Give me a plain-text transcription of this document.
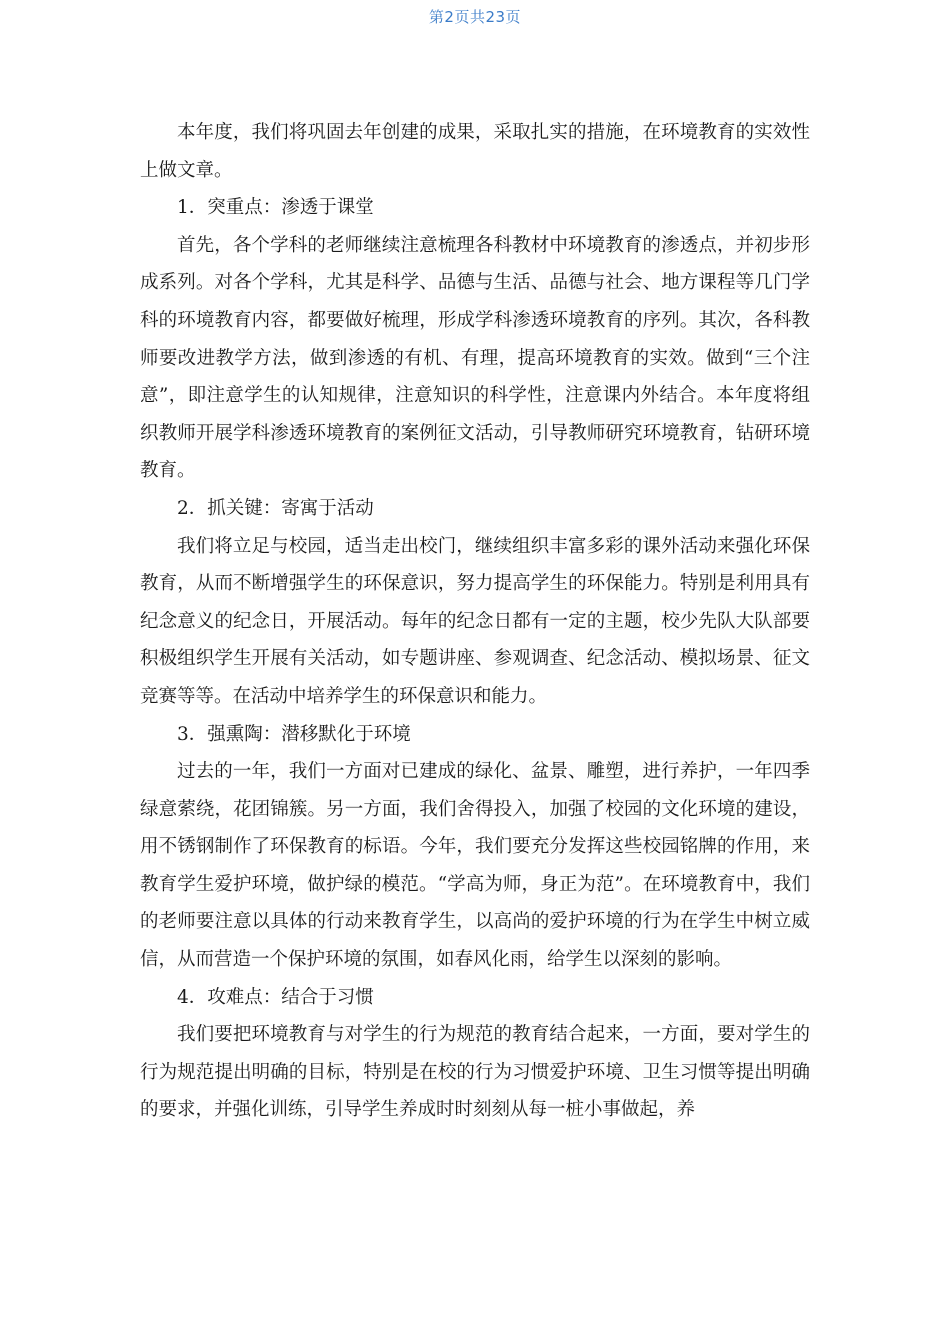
第2页共23页

本年度，我们将巩固去年创建的成果，采取扎实的措施，在环境教育的实效性上做文章。

1．突重点：渗透于课堂

首先，各个学科的老师继续注意梳理各科教材中环境教育的渗透点，并初步形成系列。对各个学科，尤其是科学、品德与生活、品德与社会、地方课程等几门学科的环境教育内容，都要做好梳理，形成学科渗透环境教育的序列。其次，各科教师要改进教学方法，做到渗透的有机、有理，提高环境教育的实效。做到“三个注意”，即注意学生的认知规律，注意知识的科学性，注意课内外结合。本年度将组织教师开展学科渗透环境教育的案例征文活动，引导教师研究环境教育，钻研环境教育。

2．抓关键：寄寓于活动

我们将立足与校园，适当走出校门，继续组织丰富多彩的课外活动来强化环保教育，从而不断增强学生的环保意识，努力提高学生的环保能力。特别是利用具有纪念意义的纪念日，开展活动。每年的纪念日都有一定的主题，校少先队大队部要积极组织学生开展有关活动，如专题讲座、参观调查、纪念活动、模拟场景、征文竞赛等等。在活动中培养学生的环保意识和能力。

3．强熏陶：潜移默化于环境

过去的一年，我们一方面对已建成的绿化、盆景、雕塑，进行养护，一年四季绿意萦绕，花团锦簇。另一方面，我们舍得投入，加强了校园的文化环境的建设，用不锈钢制作了环保教育的标语。今年，我们要充分发挥这些校园铭牌的作用，来教育学生爱护环境，做护绿的模范。“学高为师，身正为范”。在环境教育中，我们的老师要注意以具体的行动来教育学生，以高尚的爱护环境的行为在学生中树立威信，从而营造一个保护环境的氛围，如春风化雨，给学生以深刻的影响。

4．攻难点：结合于习惯

我们要把环境教育与对学生的行为规范的教育结合起来，一方面，要对学生的行为规范提出明确的目标，特别是在校的行为习惯爱护环境、卫生习惯等提出明确的要求，并强化训练，引导学生养成时时刻刻从每一桩小事做起，养
